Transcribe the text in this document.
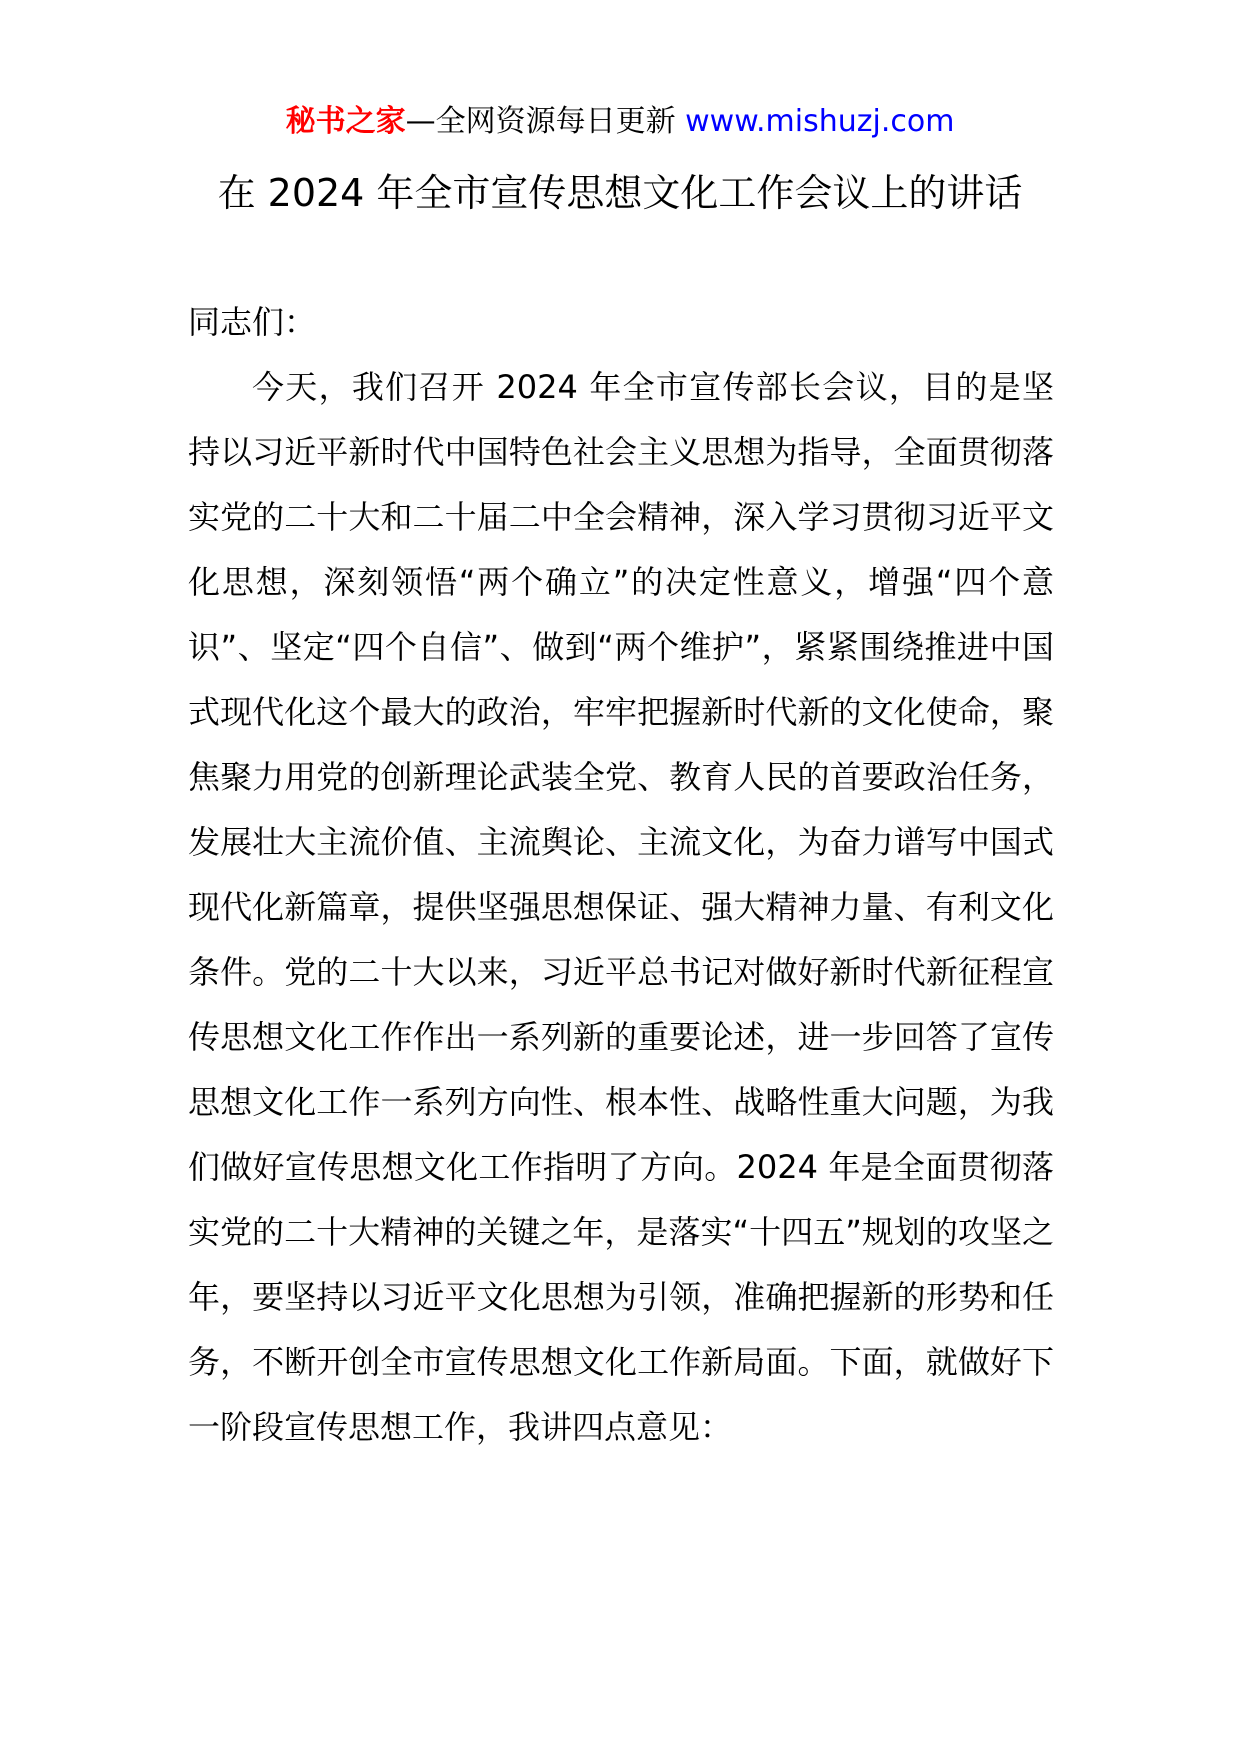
秘书之家—全网资源每日更新 www.mishuzj.com
在 2024 年全市宣传思想文化工作会议上的讲话
同志们：
今天，我们召开 2024 年全市宣传部长会议，目的是坚持以习近平新时代中国特色社会主义思想为指导，全面贯彻落实党的二十大和二十届二中全会精神，深入学习贯彻习近平文化思想，深刻领悟“两个确立”的决定性意义，增强“四个意识”、坚定“四个自信”、做到“两个维护”，紧紧围绕推进中国式现代化这个最大的政治，牢牢把握新时代新的文化使命，聚焦聚力用党的创新理论武装全党、教育人民的首要政治任务，发展壮大主流价值、主流舆论、主流文化，为奋力谱写中国式现代化新篇章，提供坚强思想保证、强大精神力量、有利文化条件。党的二十大以来，习近平总书记对做好新时代新征程宣传思想文化工作作出一系列新的重要论述，进一步回答了宣传思想文化工作一系列方向性、根本性、战略性重大问题，为我们做好宣传思想文化工作指明了方向。2024 年是全面贯彻落实党的二十大精神的关键之年，是落实“十四五”规划的攻坚之年，要坚持以习近平文化思想为引领，准确把握新的形势和任务，不断开创全市宣传思想文化工作新局面。下面，就做好下一阶段宣传思想工作，我讲四点意见：
